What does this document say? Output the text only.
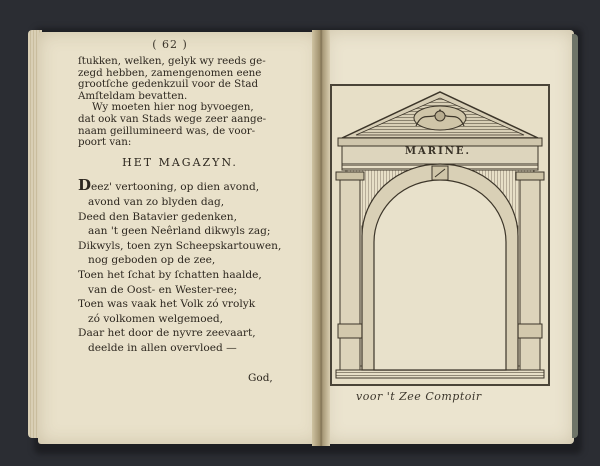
( 62 )
ſtukken, welken, gelyk wy reeds ge-
zegd hebben, zamengenomen eene
grootſche gedenkzuil voor de Stad
Amſteldam bevatten.
Wy moeten hier nog byvoegen,
dat ook van Stads wege zeer aange-
naam geillumineerd was, de voor-
poort van:
HET MAGAZYN.
Deez' vertooning, op dien avond,
avond van zo blyden dag,
Deed den Batavier gedenken,
aan 't geen Neêrland dikwyls zag;
Dikwyls, toen zyn Scheepskartouwen,
nog geboden op de zee,
Toen het ſchat by ſchatten haalde,
van de Oost- en Wester-ree;
Toen was vaak het Volk zó vrolyk
zó volkomen welgemoed,
Daar het door de nyvre zeevaart,
deelde in allen overvloed —
God,
MARINE.
voor 't Zee Comptoir
